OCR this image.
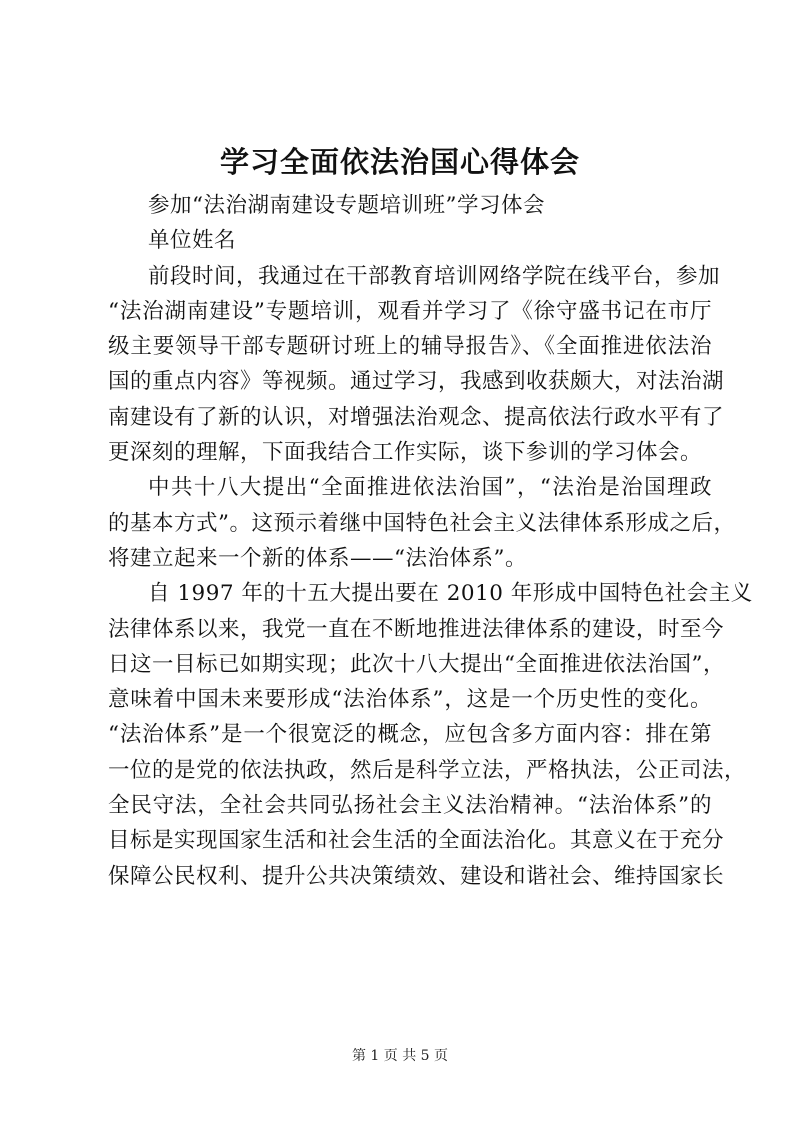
学习全面依法治国心得体会
参加“法治湖南建设专题培训班”学习体会
单位姓名
前段时间，我通过在干部教育培训网络学院在线平台，参加
“法治湖南建设”专题培训，观看并学习了《徐守盛书记在市厅
级主要领导干部专题研讨班上的辅导报告》、《全面推进依法治
国的重点内容》等视频。通过学习，我感到收获颇大，对法治湖
南建设有了新的认识，对增强法治观念、提高依法行政水平有了
更深刻的理解，下面我结合工作实际，谈下参训的学习体会。
中共十八大提出“全面推进依法治国”，“法治是治国理政
的基本方式”。这预示着继中国特色社会主义法律体系形成之后，
将建立起来一个新的体系——“法治体系”。
自 1997 年的十五大提出要在 2010 年形成中国特色社会主义
法律体系以来，我党一直在不断地推进法律体系的建设，时至今
日这一目标已如期实现；此次十八大提出“全面推进依法治国”，
意味着中国未来要形成“法治体系”，这是一个历史性的变化。
“法治体系”是一个很宽泛的概念，应包含多方面内容：排在第
一位的是党的依法执政，然后是科学立法，严格执法，公正司法，
全民守法，全社会共同弘扬社会主义法治精神。“法治体系”的
目标是实现国家生活和社会生活的全面法治化。其意义在于充分
保障公民权利、提升公共决策绩效、建设和谐社会、维持国家长
第 1 页 共 5 页
